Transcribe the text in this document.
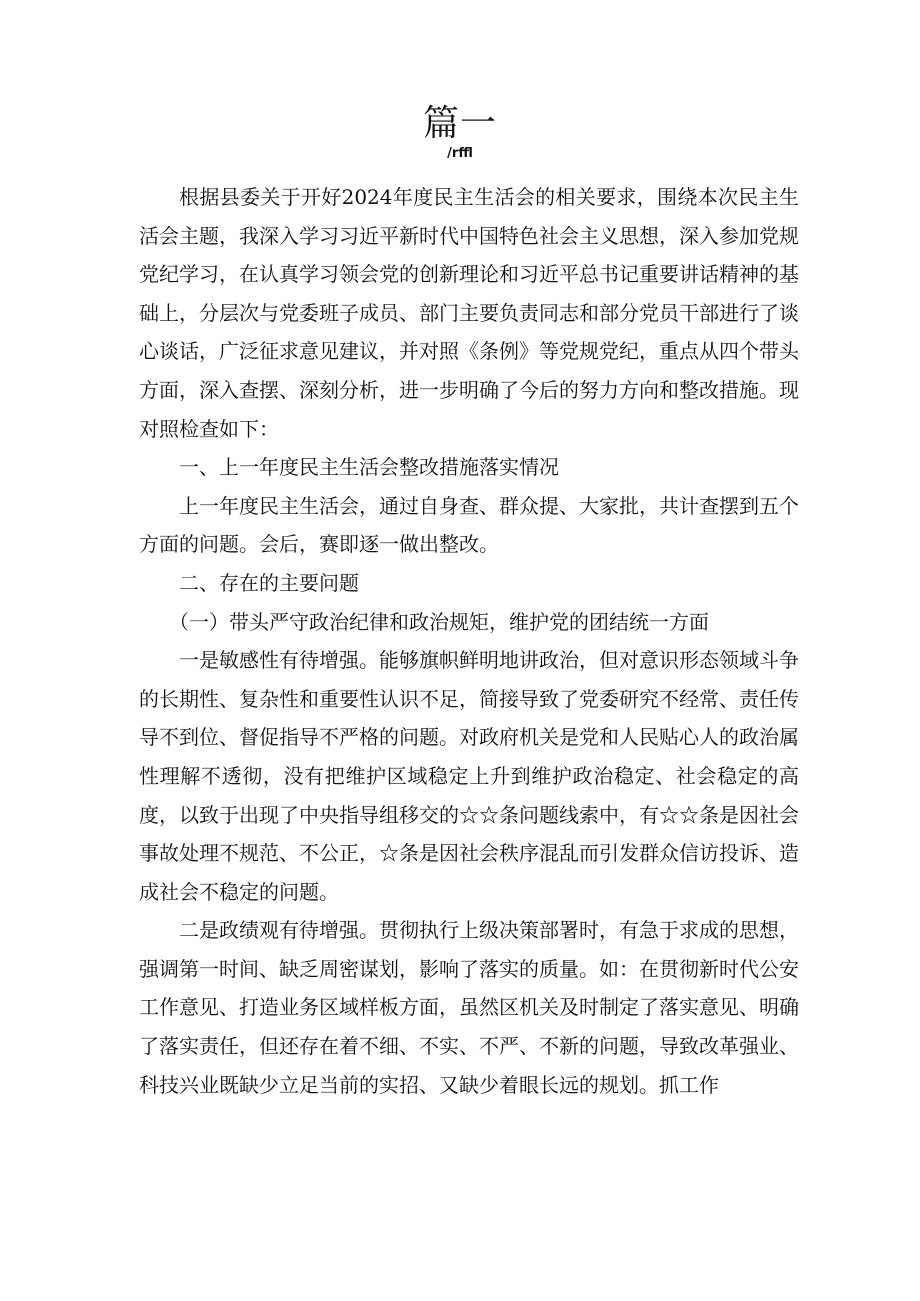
篇一
/rffl

根据县委关于开好2024年度民主生活会的相关要求，围绕本次民主生活会主题，我深入学习习近平新时代中国特色社会主义思想，深入参加党规党纪学习，在认真学习领会党的创新理论和习近平总书记重要讲话精神的基础上，分层次与党委班子成员、部门主要负责同志和部分党员干部进行了谈心谈话，广泛征求意见建议，并对照《条例》等党规党纪，重点从四个带头方面，深入查摆、深刻分析，进一步明确了今后的努力方向和整改措施。现对照检查如下：

一、上一年度民主生活会整改措施落实情况

上一年度民主生活会，通过自身查、群众提、大家批，共计查摆到五个方面的问题。会后，赛即逐一做出整改。

二、存在的主要问题

（一）带头严守政治纪律和政治规矩，维护党的团结统一方面

一是敏感性有待增强。能够旗帜鲜明地讲政治，但对意识形态领域斗争的长期性、复杂性和重要性认识不足，简接导致了党委研究不经常、责任传导不到位、督促指导不严格的问题。对政府机关是党和人民贴心人的政治属性理解不透彻，没有把维护区域稳定上升到维护政治稳定、社会稳定的高度，以致于出现了中央指导组移交的☆☆条问题线索中，有☆☆条是因社会事故处理不规范、不公正，☆条是因社会秩序混乱而引发群众信访投诉、造成社会不稳定的问题。

二是政绩观有待增强。贯彻执行上级决策部署时，有急于求成的思想，强调第一时间、缺乏周密谋划，影响了落实的质量。如：在贯彻新时代公安工作意见、打造业务区域样板方面，虽然区机关及时制定了落实意见、明确了落实责任，但还存在着不细、不实、不严、不新的问题，导致改革强业、科技兴业既缺少立足当前的实招、又缺少着眼长远的规划。抓工作
